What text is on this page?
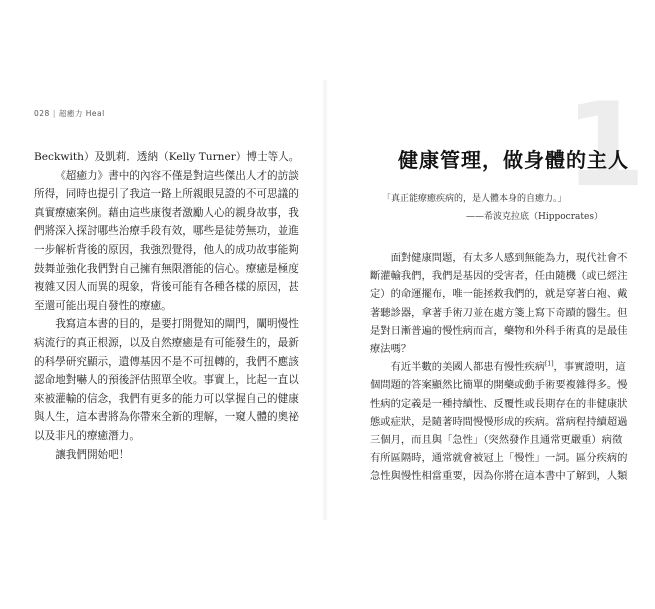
028 | 超癒力 Heal

Beckwith）及凱莉．透納（Kelly Turner）博士等人。

《超癒力》書中的內容不僅是對這些傑出人才的訪談所得，同時也提引了我這一路上所親眼見證的不可思議的真實療癒案例。藉由這些康復者激勵人心的親身故事，我們將深入探討哪些治療手段有效，哪些是徒勞無功，並進一步解析背後的原因，我強烈覺得，他人的成功故事能夠鼓舞並強化我們對自己擁有無限潛能的信心。療癒是極度複雜又因人而異的現象，背後可能有各種各樣的原因，甚至還可能出現自發性的療癒。

我寫這本書的目的，是要打開覺知的閘門，闡明慢性病流行的真正根源，以及自然療癒是有可能發生的，最新的科學研究顯示，遺傳基因不是不可扭轉的，我們不應該認命地對嚇人的預後評估照單全收。事實上，比起一直以來被灌輸的信念，我們有更多的能力可以掌握自己的健康與人生，這本書將為你帶來全新的理解，一窺人體的奧祕以及非凡的療癒潛力。

讓我們開始吧！

1
健康管理，做身體的主人
「真正能療癒疾病的，是人體本身的自癒力。」
——希波克拉底（Hippocrates）

面對健康問題，有太多人感到無能為力，現代社會不斷灌輸我們，我們是基因的受害者，任由隨機（或已經注定）的命運擺布，唯一能拯救我們的，就是穿著白袍、戴著聽診器，拿著手術刀並在處方箋上寫下奇蹟的醫生。但是對日漸普遍的慢性病而言，藥物和外科手術真的是最佳療法嗎？

有近半數的美國人都患有慢性疾病[1]，事實證明，這個問題的答案顯然比簡單的開藥或動手術要複雜得多。慢性病的定義是一種持續性、反覆性或長期存在的非健康狀態或症狀，是隨著時間慢慢形成的疾病。當病程持續超過三個月，而且與「急性」（突然發作且通常更嚴重）病徵有所區隔時，通常就會被冠上「慢性」一詞。區分疾病的急性與慢性相當重要，因為你將在這本書中了解到，人類
